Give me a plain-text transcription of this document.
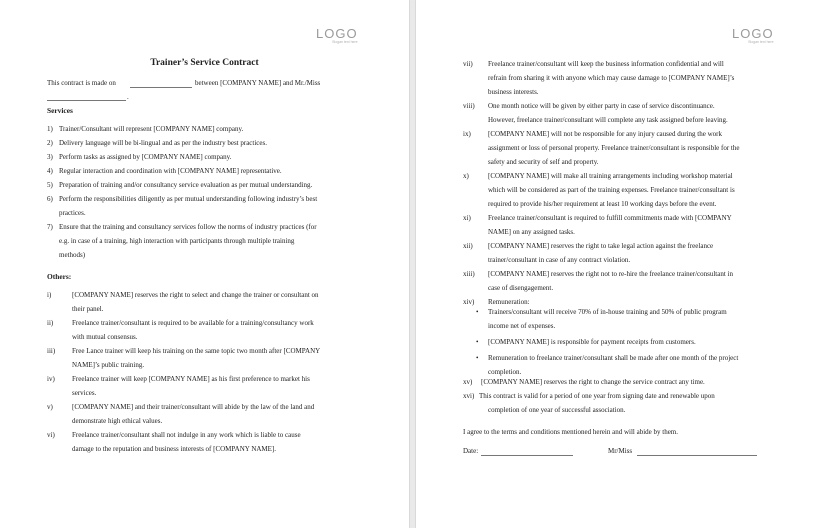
LOGO
Slogan text here
Trainer’s Service Contract
This contract is made on	between [COMPANY NAME] and Mr./Miss
.
Services
1) Trainer/Consultant will represent [COMPANY NAME] company.
2) Delivery language will be bi-lingual and as per the industry best practices.
3) Perform tasks as assigned by [COMPANY NAME] company.
4) Regular interaction and coordination with [COMPANY NAME] representative.
5) Preparation of training and/or consultancy service evaluation as per mutual understanding.
6) Perform the responsibilities diligently as per mutual understanding following industry’s best
practices.
7) Ensure that the training and consultancy services follow the norms of industry practices (for
e.g. in case of a training, high interaction with participants through multiple training
methods)
Others:
i)	[COMPANY NAME] reserves the right to select and change the trainer or consultant on
their panel.
ii)	Freelance trainer/consultant is required to be available for a training/consultancy work
with mutual consensus.
iii) Free Lance trainer will keep his training on the same topic two month after [COMPANY
NAME]’s public training.
iv) Freelance trainer will keep [COMPANY NAME] as his first preference to market his
services.
v)	[COMPANY NAME] and their trainer/consultant will abide by the law of the land and
demonstrate high ethical values.
vi) Freelance trainer/consultant shall not indulge in any work which is liable to cause
damage to the reputation and business interests of [COMPANY NAME].
LOGO
Slogan text here
vii) Freelance trainer/consultant will keep the business information confidential and will
refrain from sharing it with anyone which may cause damage to [COMPANY NAME]’s
business interests.
viii) One month notice will be given by either party in case of service discontinuance.
However, freelance trainer/consultant will complete any task assigned before leaving.
ix) [COMPANY NAME] will not be responsible for any injury caused during the work
assignment or loss of personal property. Freelance trainer/consultant is responsible for the
safety and security of self and property.
x)	[COMPANY NAME] will make all training arrangements including workshop material
which will be considered as part of the training expenses. Freelance trainer/consultant is
required to provide his/her requirement at least 10 working days before the event.
xi) Freelance trainer/consultant is required to fulfill commitments made with [COMPANY
NAME] on any assigned tasks.
xii) [COMPANY NAME] reserves the right to take legal action against the freelance
trainer/consultant in case of any contract violation.
xiii) [COMPANY NAME] reserves the right not to re-hire the freelance trainer/consultant in
case of disengagement.
xiv) Remuneration:
• Trainers/consultant will receive 70% of in-house training and 50% of public program
income net of expenses.
• [COMPANY NAME] is responsible for payment receipts from customers.
• Remuneration to freelance trainer/consultant shall be made after one month of the project
completion.
xv) [COMPANY NAME] reserves the right to change the service contract any time.
xvi) This contract is valid for a period of one year from signing date and renewable upon
completion of one year of successful association.
I agree to the terms and conditions mentioned herein and will abide by them.
Date:	Mr/Miss
